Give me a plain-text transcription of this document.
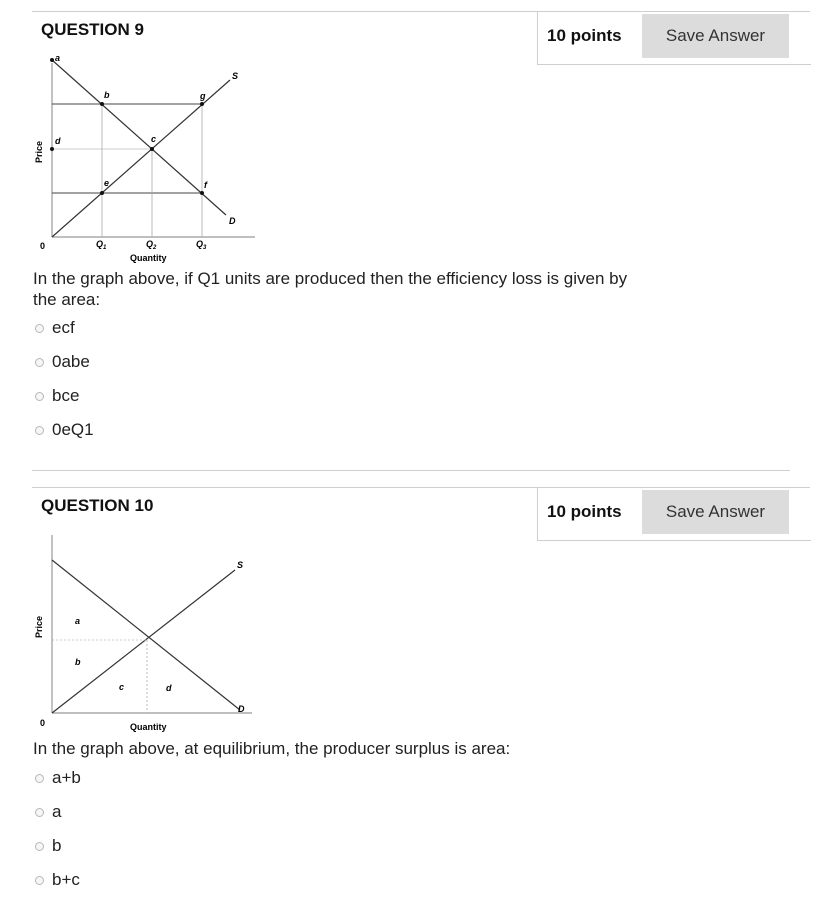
QUESTION 9	10 points	Save Answer
a
b
c
d
e	f
g
S
D
0	$Q_1$	$Q_2$	$Q_3$
Quantity
Price
In the graph above, if Q1 units are produced then the efficiency loss is given by the area:
ecf
0abe
bce
0eQ1
QUESTION 10	10 points	Save Answer
a
b
c	d
S
D
0	Quantity
Price
In the graph above, at equilibrium, the producer surplus is area:
a+b
a
b
b+c
